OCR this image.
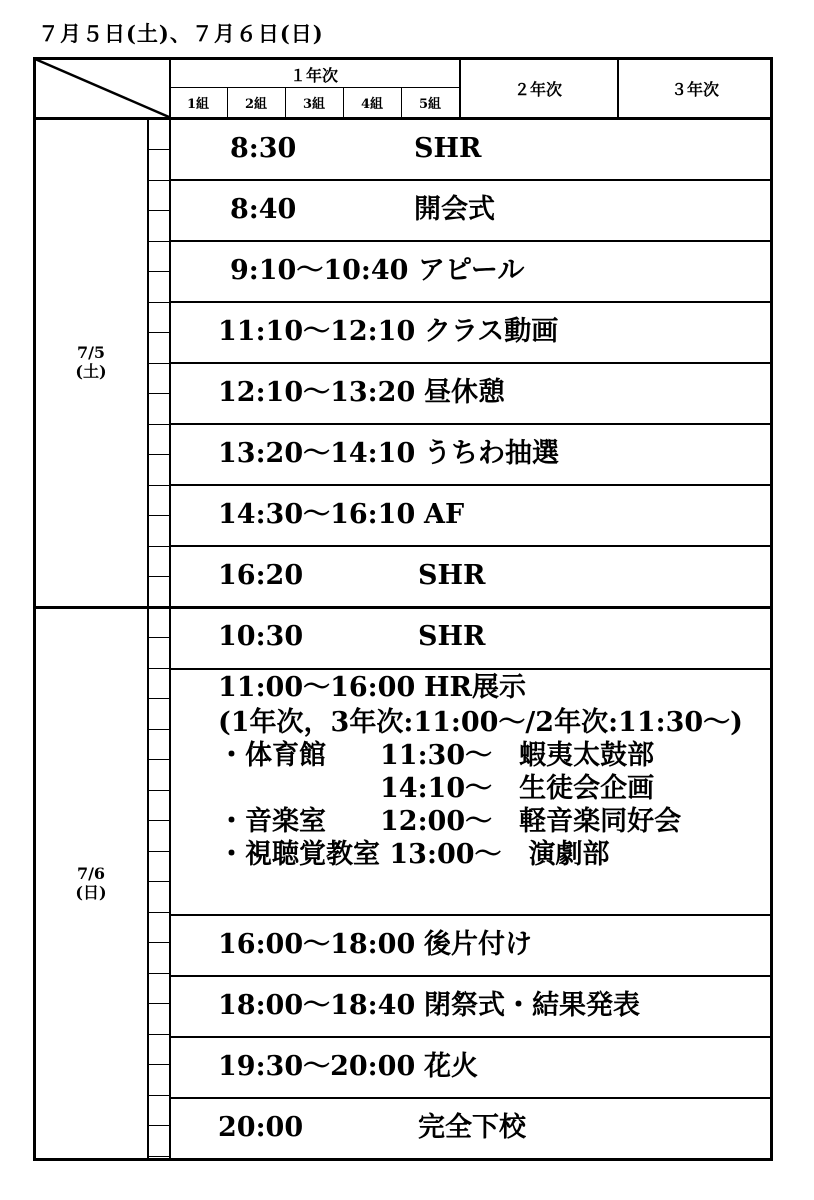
７月５日(土)、７月６日(日)
１年次
1組	2組	3組	4組	5組
２年次	３年次
7/5
(土)
7/6
(日)
8:30	SHR
8:40	開会式
9:10～10:40 アピール
11:10～12:10 クラス動画
12:10～13:20 昼休憩
13:20～14:10 うちわ抽選
14:30～16:10 AF
16:20	SHR
10:30	SHR
11:00～16:00 HR展示
(1年次，3年次:11:00～/2年次:11:30～)
・体育館　　11:30～　蝦夷太鼓部
　　　　　　14:10～　生徒会企画
・音楽室　　12:00～　軽音楽同好会
・視聴覚教室 13:00～　演劇部
16:00～18:00 後片付け
18:00～18:40 閉祭式・結果発表
19:30～20:00 花火
20:00	完全下校
